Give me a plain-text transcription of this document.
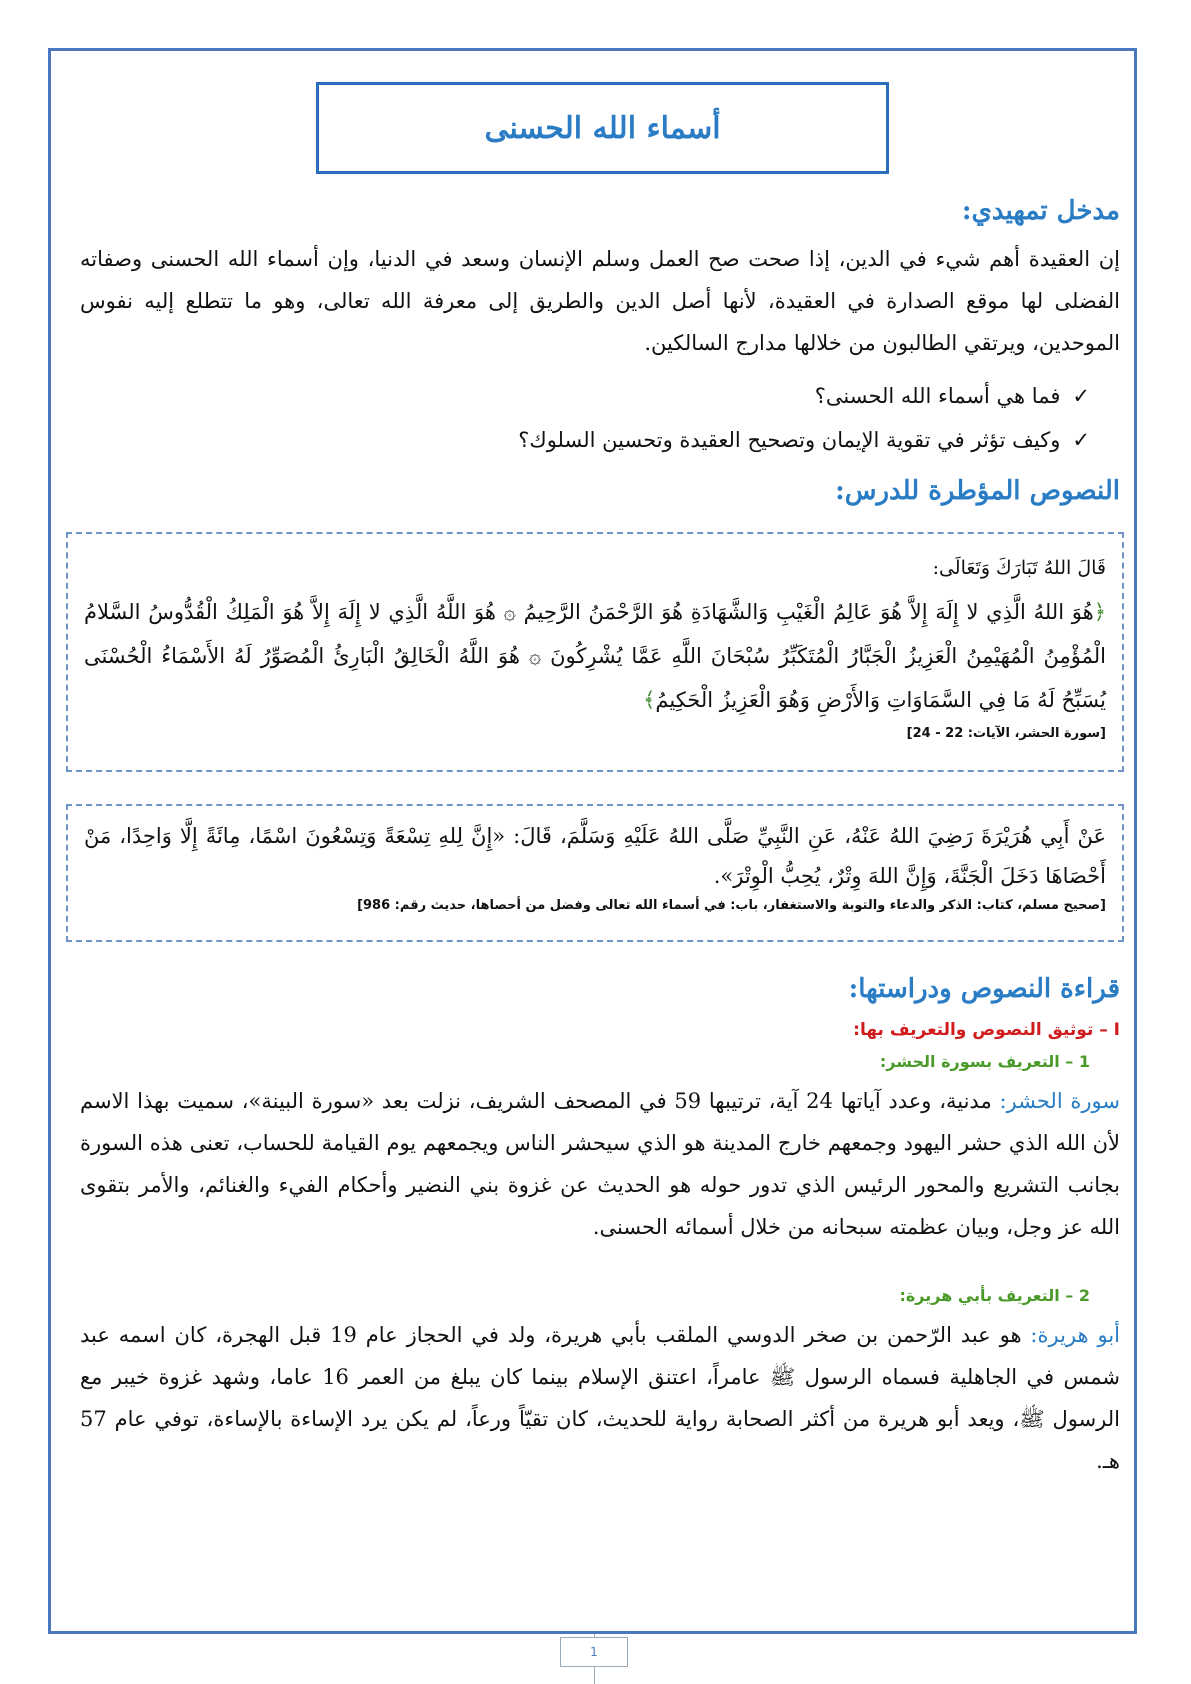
أسماء الله الحسنى
مدخل تمهيدي:
إن العقيدة أهم شيء في الدين، إذا صحت صح العمل وسلم الإنسان وسعد في الدنيا، وإن أسماء الله الحسنى وصفاته الفضلى لها موقع الصدارة في العقيدة، لأنها أصل الدين والطريق إلى معرفة الله تعالى، وهو ما تتطلع إليه نفوس الموحدين، ويرتقي الطالبون من خلالها مدارج السالكين.
✓فما هي أسماء الله الحسنى؟
✓وكيف تؤثر في تقوية الإيمان وتصحيح العقيدة وتحسين السلوك؟
النصوص المؤطرة للدرس:
قَالَ اللهُ تَبَارَكَ وَتَعَالَى:
﴿هُوَ اللهُ الَّذِي لا إِلَهَ إِلاَّ هُوَ عَالِمُ الْغَيْبِ وَالشَّهَادَةِ هُوَ الرَّحْمَنُ الرَّحِيمُ ۞ هُوَ اللَّهُ الَّذِي لا إِلَهَ إِلاَّ هُوَ الْمَلِكُ الْقُدُّوسُ السَّلامُ الْمُؤْمِنُ الْمُهَيْمِنُ الْعَزِيزُ الْجَبَّارُ الْمُتَكَبِّرُ سُبْحَانَ اللَّهِ عَمَّا يُشْرِكُونَ ۞ هُوَ اللَّهُ الْخَالِقُ الْبَارِئُ الْمُصَوِّرُ لَهُ الأَسْمَاءُ الْحُسْنَى يُسَبِّحُ لَهُ مَا فِي السَّمَاوَاتِ وَالأَرْضِ وَهُوَ الْعَزِيزُ الْحَكِيمُ﴾
[سورة الحشر، الآيات: 22 - 24]
عَنْ أَبِي هُرَيْرَةَ رَضِيَ اللهُ عَنْهُ، عَنِ النَّبِيِّ صَلَّى اللهُ عَلَيْهِ وَسَلَّمَ، قَالَ: «إِنَّ لِلهِ تِسْعَةً وَتِسْعُونَ اسْمًا، مِائَةً إِلَّا وَاحِدًا، مَنْ أَحْصَاهَا دَخَلَ الْجَنَّةَ، وَإِنَّ اللهَ وِتْرٌ، يُحِبُّ الْوِتْرَ».
[صحيح مسلم، كتاب: الذكر والدعاء والتوبة والاستغفار، باب: في أسماء الله تعالى وفضل من أحصاها، حديث رقم: 986]
قراءة النصوص ودراستها:
I – توثيق النصوص والتعريف بها:
1 – التعريف بسورة الحشر:
سورة الحشر: مدنية، وعدد آياتها 24 آية، ترتيبها 59 في المصحف الشريف، نزلت بعد «سورة البينة»، سميت بهذا الاسم لأن الله الذي حشر اليهود وجمعهم خارج المدينة هو الذي سيحشر الناس ويجمعهم يوم القيامة للحساب، تعنى هذه السورة بجانب التشريع والمحور الرئيس الذي تدور حوله هو الحديث عن غزوة بني النضير وأحكام الفيء والغنائم، والأمر بتقوى الله عز وجل، وبيان عظمته سبحانه من خلال أسمائه الحسنى.
2 – التعريف بأبي هريرة:
أبو هريرة: هو عبد الرّحمن بن صخر الدوسي الملقب بأبي هريرة، ولد في الحجاز عام 19 قبل الهجرة، كان اسمه عبد شمس في الجاهلية فسماه الرسول ﷺ عامراً، اعتنق الإسلام بينما كان يبلغ من العمر 16 عاما، وشهد غزوة خيبر مع الرسول ﷺ، ويعد أبو هريرة من أكثر الصحابة رواية للحديث، كان تقيّاً ورعاً، لم يكن يرد الإساءة بالإساءة، توفي عام 57 هـ.
1
